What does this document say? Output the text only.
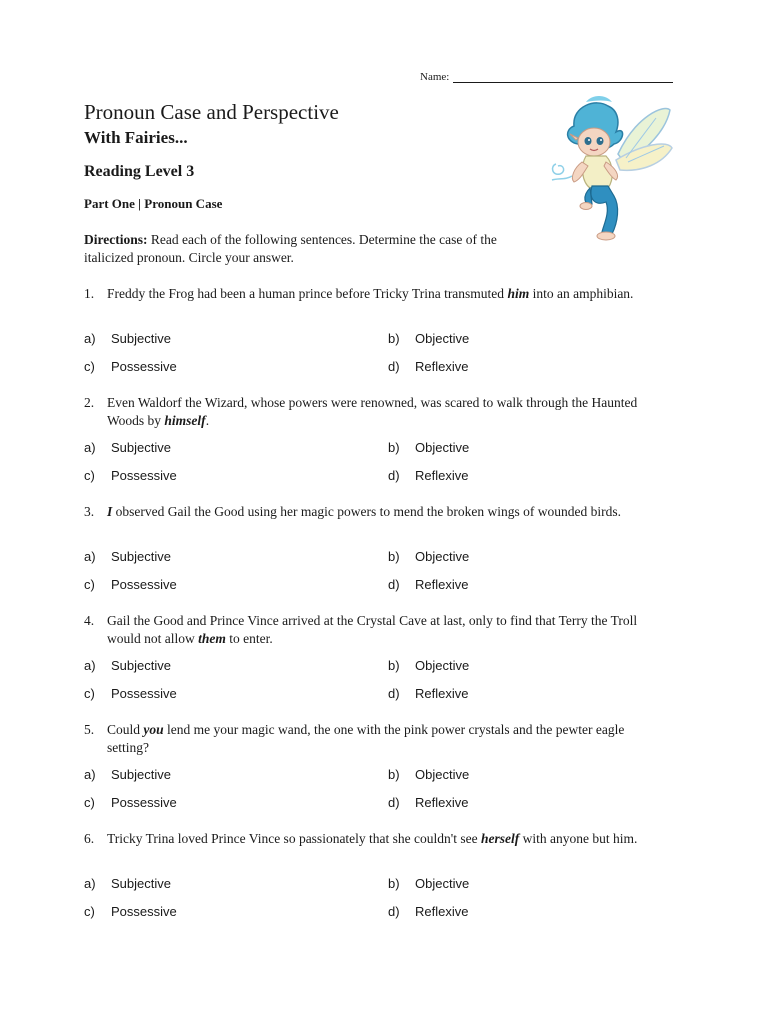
Name:
Pronoun Case and Perspective
With Fairies...
Reading Level 3
Part One | Pronoun Case

Directions: Read each of the following sentences. Determine the case of the italicized pronoun. Circle your answer.

1. Freddy the Frog had been a human prince before Tricky Trina transmuted him into an amphibian.
a)	Subjective	b)	Objective
c)	Possessive	d)	Reflexive
2. Even Waldorf the Wizard, whose powers were renowned, was scared to walk through the Haunted Woods by himself.
a)	Subjective	b)	Objective
c)	Possessive	d)	Reflexive
3. I observed Gail the Good using her magic powers to mend the broken wings of wounded birds.
a)	Subjective	b)	Objective
c)	Possessive	d)	Reflexive
4. Gail the Good and Prince Vince arrived at the Crystal Cave at last, only to find that Terry the Troll would not allow them to enter.
a)	Subjective	b)	Objective
c)	Possessive	d)	Reflexive
5. Could you lend me your magic wand, the one with the pink power crystals and the pewter eagle setting?
a)	Subjective	b)	Objective
c)	Possessive	d)	Reflexive
6. Tricky Trina loved Prince Vince so passionately that she couldn't see herself with anyone but him.
a)	Subjective	b)	Objective
c)	Possessive	d)	Reflexive
